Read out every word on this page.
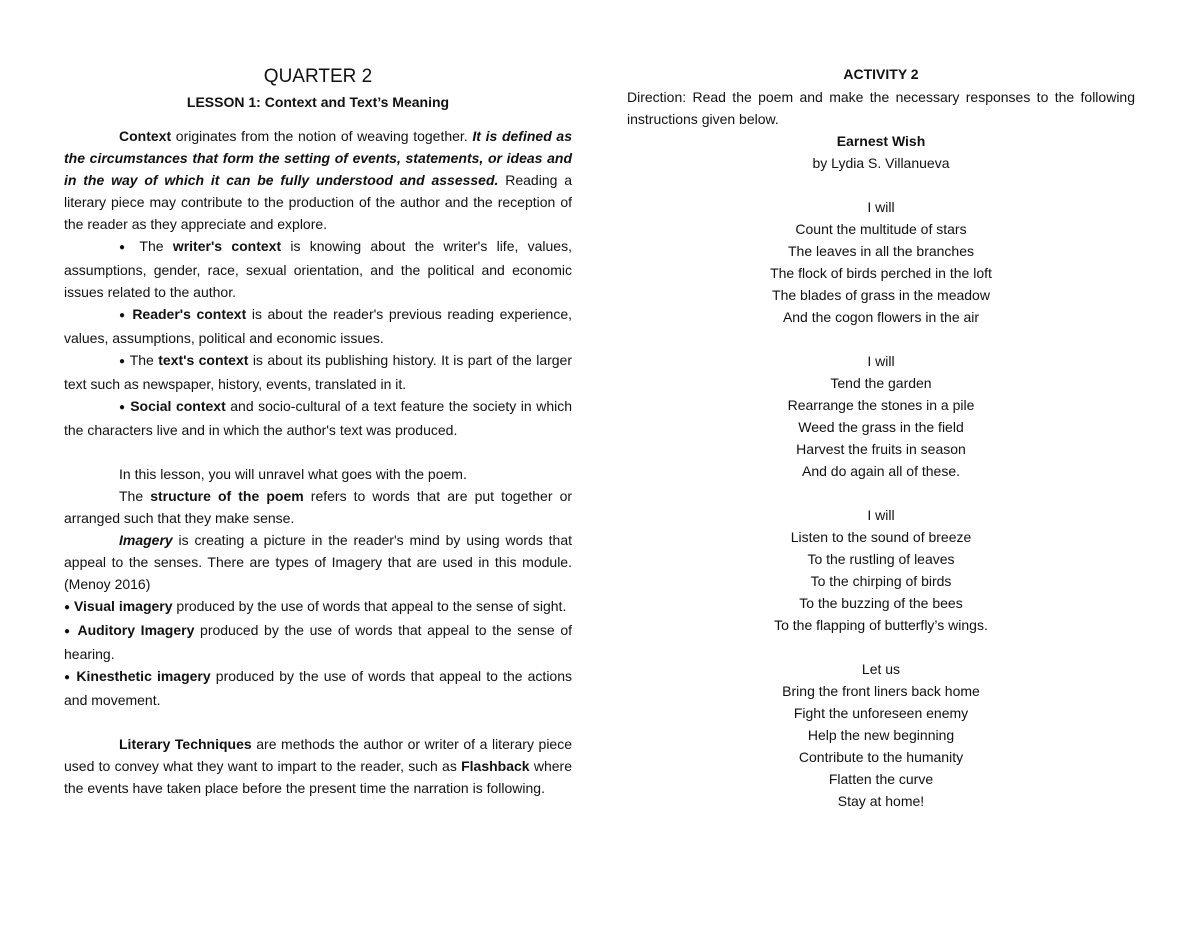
QUARTER 2

LESSON 1: Context and Text’s Meaning

Context originates from the notion of weaving together. It is defined as the circumstances that form the setting of events, statements, or ideas and in the way of which it can be fully understood and assessed. Reading a literary piece may contribute to the production of the author and the reception of the reader as they appreciate and explore.

● The writer's context is knowing about the writer's life, values, assumptions, gender, race, sexual orientation, and the political and economic issues related to the author.

● Reader's context is about the reader's previous reading experience, values, assumptions, political and economic issues.

● The text's context is about its publishing history. It is part of the larger text such as newspaper, history, events, translated in it.

● Social context and socio-cultural of a text feature the society in which the characters live and in which the author's text was produced.

In this lesson, you will unravel what goes with the poem.

The structure of the poem refers to words that are put together or arranged such that they make sense.

Imagery is creating a picture in the reader's mind by using words that appeal to the senses. There are types of Imagery that are used in this module. (Menoy 2016)

● Visual imagery produced by the use of words that appeal to the sense of sight.

● Auditory Imagery produced by the use of words that appeal to the sense of hearing.

● Kinesthetic imagery produced by the use of words that appeal to the actions and movement.

Literary Techniques are methods the author or writer of a literary piece used to convey what they want to impart to the reader, such as Flashback where the events have taken place before the present time the narration is following.

ACTIVITY 2

Direction: Read the poem and make the necessary responses to the following instructions given below.

Earnest Wish

by Lydia S. Villanueva

I will

Count the multitude of stars

The leaves in all the branches

The flock of birds perched in the loft

The blades of grass in the meadow

And the cogon flowers in the air

I will

Tend the garden

Rearrange the stones in a pile

Weed the grass in the field

Harvest the fruits in season

And do again all of these.

I will

Listen to the sound of breeze

To the rustling of leaves

To the chirping of birds

To the buzzing of the bees

To the flapping of butterfly’s wings.

Let us

Bring the front liners back home

Fight the unforeseen enemy

Help the new beginning

Contribute to the humanity

Flatten the curve

Stay at home!
